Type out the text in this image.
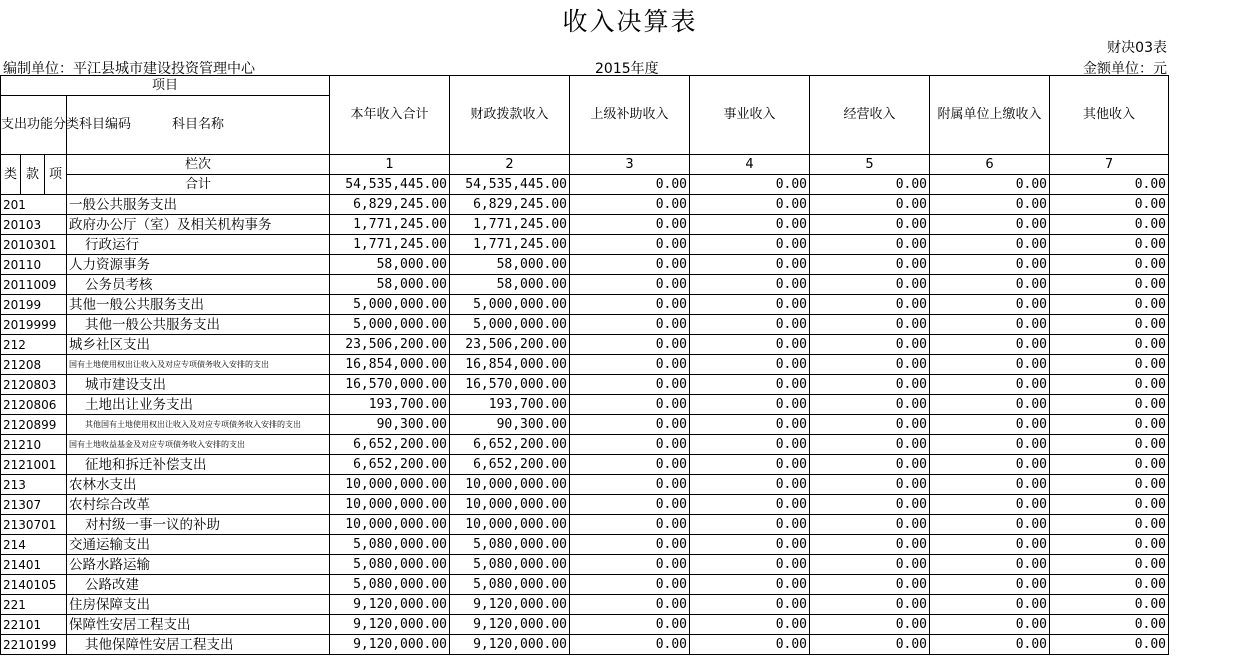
收入决算表
财决03表
编制单位：平江县城市建设投资管理中心	2015年度	金额单位：元
项目				本年收入合计	财政拨款收入	上级补助收入	事业收入	经营收入	附属单位上缴收入	其他收入
支出功能分类科目编码			科目名称							

类	款	项	栏次	1	2	3	4	5	6	7
			合计	54,535,445.00	54,535,445.00	0.00	0.00	0.00	0.00	0.00
201			一般公共服务支出	6,829,245.00	6,829,245.00	0.00	0.00	0.00	0.00	0.00
20103			政府办公厅（室）及相关机构事务	1,771,245.00	1,771,245.00	0.00	0.00	0.00	0.00	0.00
2010301			行政运行	1,771,245.00	1,771,245.00	0.00	0.00	0.00	0.00	0.00
20110			人力资源事务	58,000.00	58,000.00	0.00	0.00	0.00	0.00	0.00
2011009			公务员考核	58,000.00	58,000.00	0.00	0.00	0.00	0.00	0.00
20199			其他一般公共服务支出	5,000,000.00	5,000,000.00	0.00	0.00	0.00	0.00	0.00
2019999			其他一般公共服务支出	5,000,000.00	5,000,000.00	0.00	0.00	0.00	0.00	0.00
212			城乡社区支出	23,506,200.00	23,506,200.00	0.00	0.00	0.00	0.00	0.00
21208			国有土地使用权出让收入及对应专项债务收入安排的支出	16,854,000.00	16,854,000.00	0.00	0.00	0.00	0.00	0.00
2120803			城市建设支出	16,570,000.00	16,570,000.00	0.00	0.00	0.00	0.00	0.00
2120806			土地出让业务支出	193,700.00	193,700.00	0.00	0.00	0.00	0.00	0.00
2120899			其他国有土地使用权出让收入及对应专项债务收入安排的支出	90,300.00	90,300.00	0.00	0.00	0.00	0.00	0.00
21210			国有土地收益基金及对应专项债务收入安排的支出	6,652,200.00	6,652,200.00	0.00	0.00	0.00	0.00	0.00
2121001			征地和拆迁补偿支出	6,652,200.00	6,652,200.00	0.00	0.00	0.00	0.00	0.00
213			农林水支出	10,000,000.00	10,000,000.00	0.00	0.00	0.00	0.00	0.00
21307			农村综合改革	10,000,000.00	10,000,000.00	0.00	0.00	0.00	0.00	0.00
2130701			对村级一事一议的补助	10,000,000.00	10,000,000.00	0.00	0.00	0.00	0.00	0.00
214			交通运输支出	5,080,000.00	5,080,000.00	0.00	0.00	0.00	0.00	0.00
21401			公路水路运输	5,080,000.00	5,080,000.00	0.00	0.00	0.00	0.00	0.00
2140105			公路改建	5,080,000.00	5,080,000.00	0.00	0.00	0.00	0.00	0.00
221			住房保障支出	9,120,000.00	9,120,000.00	0.00	0.00	0.00	0.00	0.00
22101			保障性安居工程支出	9,120,000.00	9,120,000.00	0.00	0.00	0.00	0.00	0.00
2210199			其他保障性安居工程支出	9,120,000.00	9,120,000.00	0.00	0.00	0.00	0.00	0.00
